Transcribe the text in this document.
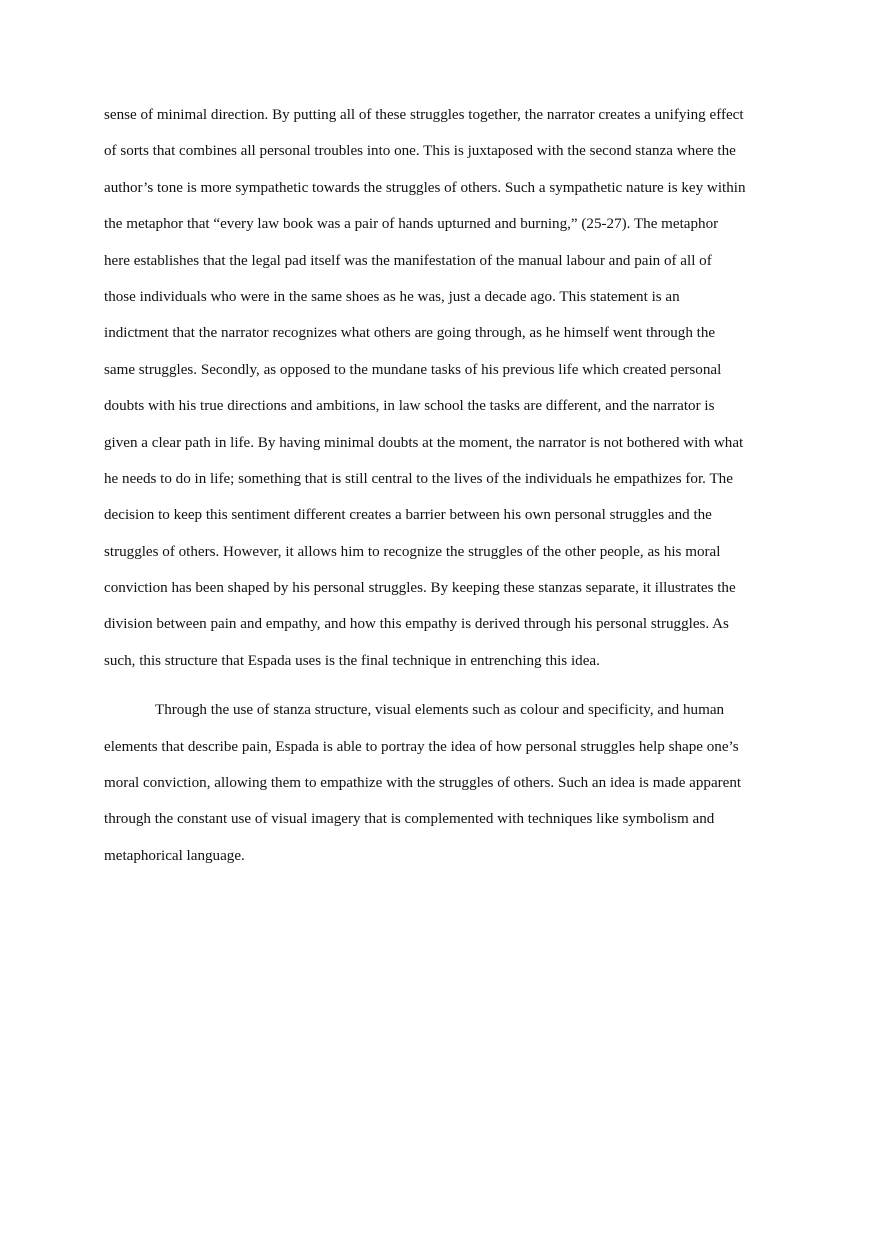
sense of minimal direction. By putting all of these struggles together, the narrator creates a unifying effect
of sorts that combines all personal troubles into one. This is juxtaposed with the second stanza where the
author’s tone is more sympathetic towards the struggles of others. Such a sympathetic nature is key within
the metaphor that “every law book was a pair of hands upturned and burning,” (25-27). The metaphor
here establishes that the legal pad itself was the manifestation of the manual labour and pain of all of
those individuals who were in the same shoes as he was, just a decade ago. This statement is an
indictment that the narrator recognizes what others are going through, as he himself went through the
same struggles. Secondly, as opposed to the mundane tasks of his previous life which created personal
doubts with his true directions and ambitions, in law school the tasks are different, and the narrator is
given a clear path in life. By having minimal doubts at the moment, the narrator is not bothered with what
he needs to do in life; something that is still central to the lives of the individuals he empathizes for. The
decision to keep this sentiment different creates a barrier between his own personal struggles and the
struggles of others. However, it allows him to recognize the struggles of the other people, as his moral
conviction has been shaped by his personal struggles. By keeping these stanzas separate, it illustrates the
division between pain and empathy, and how this empathy is derived through his personal struggles. As
such, this structure that Espada uses is the final technique in entrenching this idea.
Through the use of stanza structure, visual elements such as colour and specificity, and human
elements that describe pain, Espada is able to portray the idea of how personal struggles help shape one’s
moral conviction, allowing them to empathize with the struggles of others. Such an idea is made apparent
through the constant use of visual imagery that is complemented with techniques like symbolism and
metaphorical language.
